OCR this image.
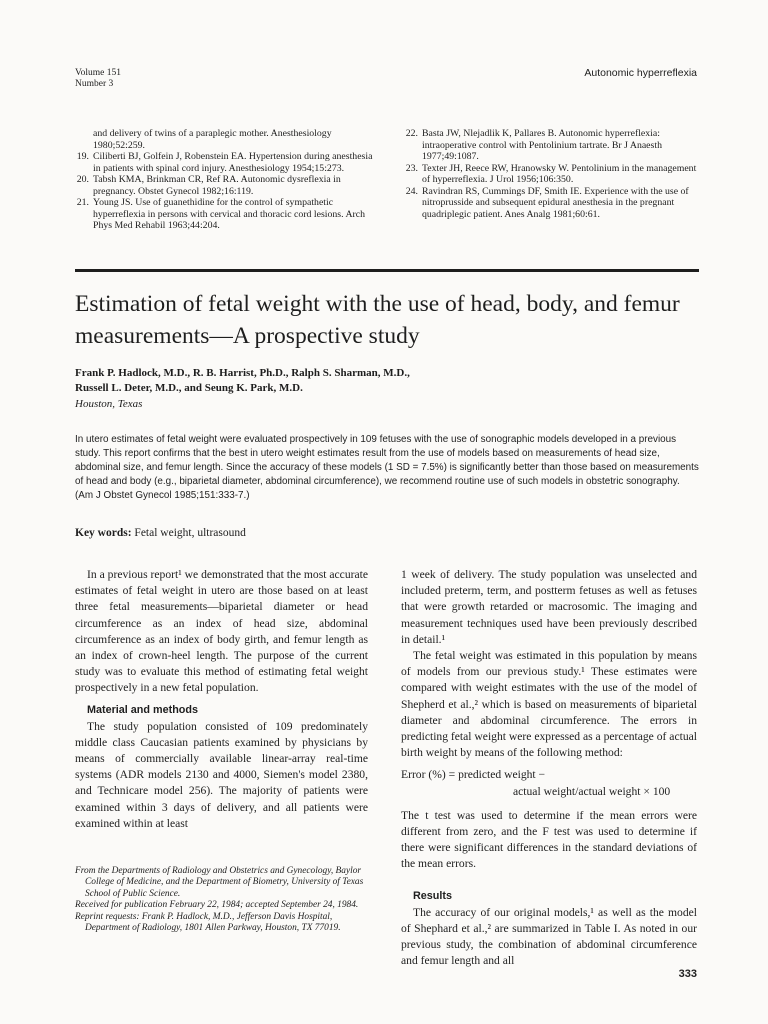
Volume 151
Number 3
Autonomic hyperreflexia
and delivery of twins of a paraplegic mother. Anesthesiology 1980;52:259.
19. Ciliberti BJ, Golfein J, Robenstein EA. Hypertension during anesthesia in patients with spinal cord injury. Anesthesiology 1954;15:273.
20. Tabsh KMA, Brinkman CR, Ref RA. Autonomic dysreflexia in pregnancy. Obstet Gynecol 1982;16:119.
21. Young JS. Use of guanethidine for the control of sympathetic hyperreflexia in persons with cervical and thoracic cord lesions. Arch Phys Med Rehabil 1963;44:204.
22. Basta JW, Nlejadlik K, Pallares B. Autonomic hyperreflexia: intraoperative control with Pentolinium tartrate. Br J Anaesth 1977;49:1087.
23. Texter JH, Reece RW, Hranowsky W. Pentolinium in the management of hyperreflexia. J Urol 1956;106:350.
24. Ravindran RS, Cummings DF, Smith IE. Experience with the use of nitroprusside and subsequent epidural anesthesia in the pregnant quadriplegic patient. Anes Analg 1981;60:61.
Estimation of fetal weight with the use of head, body, and femur measurements—A prospective study
Frank P. Hadlock, M.D., R. B. Harrist, Ph.D., Ralph S. Sharman, M.D.,
Russell L. Deter, M.D., and Seung K. Park, M.D.
Houston, Texas
In utero estimates of fetal weight were evaluated prospectively in 109 fetuses with the use of sonographic models developed in a previous study. This report confirms that the best in utero weight estimates result from the use of models based on measurements of head size, abdominal size, and femur length. Since the accuracy of these models (1 SD = 7.5%) is significantly better than those based on measurements of head and body (e.g., biparietal diameter, abdominal circumference), we recommend routine use of such models in obstetric sonography. (Am J Obstet Gynecol 1985;151:333-7.)
Key words: Fetal weight, ultrasound

In a previous report¹ we demonstrated that the most accurate estimates of fetal weight in utero are those based on at least three fetal measurements—biparietal diameter or head circumference as an index of head size, abdominal circumference as an index of body girth, and femur length as an index of crown-heel length. The purpose of the current study was to evaluate this method of estimating fetal weight prospectively in a new fetal population.

Material and methods

The study population consisted of 109 predominately middle class Caucasian patients examined by physicians by means of commercially available linear-array real-time systems (ADR models 2130 and 4000, Siemen's model 2380, and Technicare model 256). The majority of patients were examined within 3 days of delivery, and all patients were examined within at least

1 week of delivery. The study population was unselected and included preterm, term, and postterm fetuses as well as fetuses that were growth retarded or macrosomic. The imaging and measurement techniques used have been previously described in detail.¹

The fetal weight was estimated in this population by means of models from our previous study.¹ These estimates were compared with weight estimates with the use of the model of Shepherd et al.,² which is based on measurements of biparietal diameter and abdominal circumference. The errors in predicting fetal weight were expressed as a percentage of actual birth weight by means of the following method:

Error (%) = predicted weight −
actual weight/actual weight × 100

The t test was used to determine if the mean errors were different from zero, and the F test was used to determine if there were significant differences in the standard deviations of the mean errors.

Results

The accuracy of our original models,¹ as well as the model of Shephard et al.,² are summarized in Table I. As noted in our previous study, the combination of abdominal circumference and femur length and all

From the Departments of Radiology and Obstetrics and Gynecology, Baylor College of Medicine, and the Department of Biometry, University of Texas School of Public Science.
Received for publication February 22, 1984; accepted September 24, 1984.
Reprint requests: Frank P. Hadlock, M.D., Jefferson Davis Hospital, Department of Radiology, 1801 Allen Parkway, Houston, TX 77019.
333
